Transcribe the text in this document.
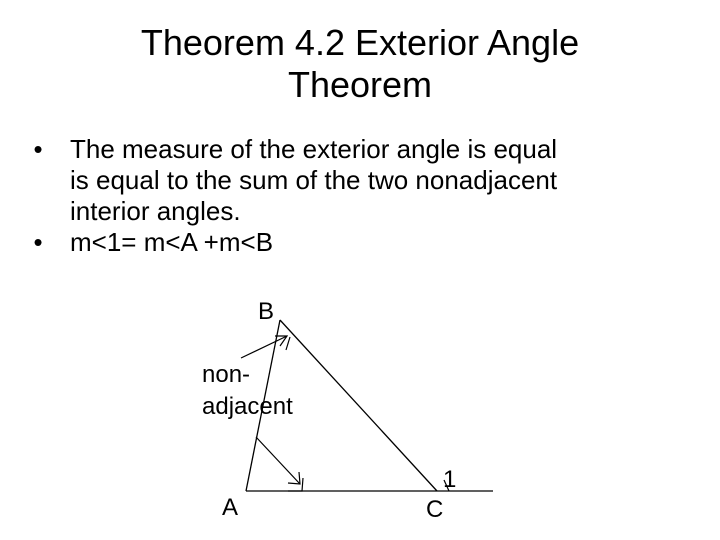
Theorem 4.2 Exterior Angle
Theorem
• The measure of the exterior angle is equal
is equal to the sum of the two nonadjacent
interior angles.
• m<1= m<A +m<B
B
A	C
1
non-
adjacent
